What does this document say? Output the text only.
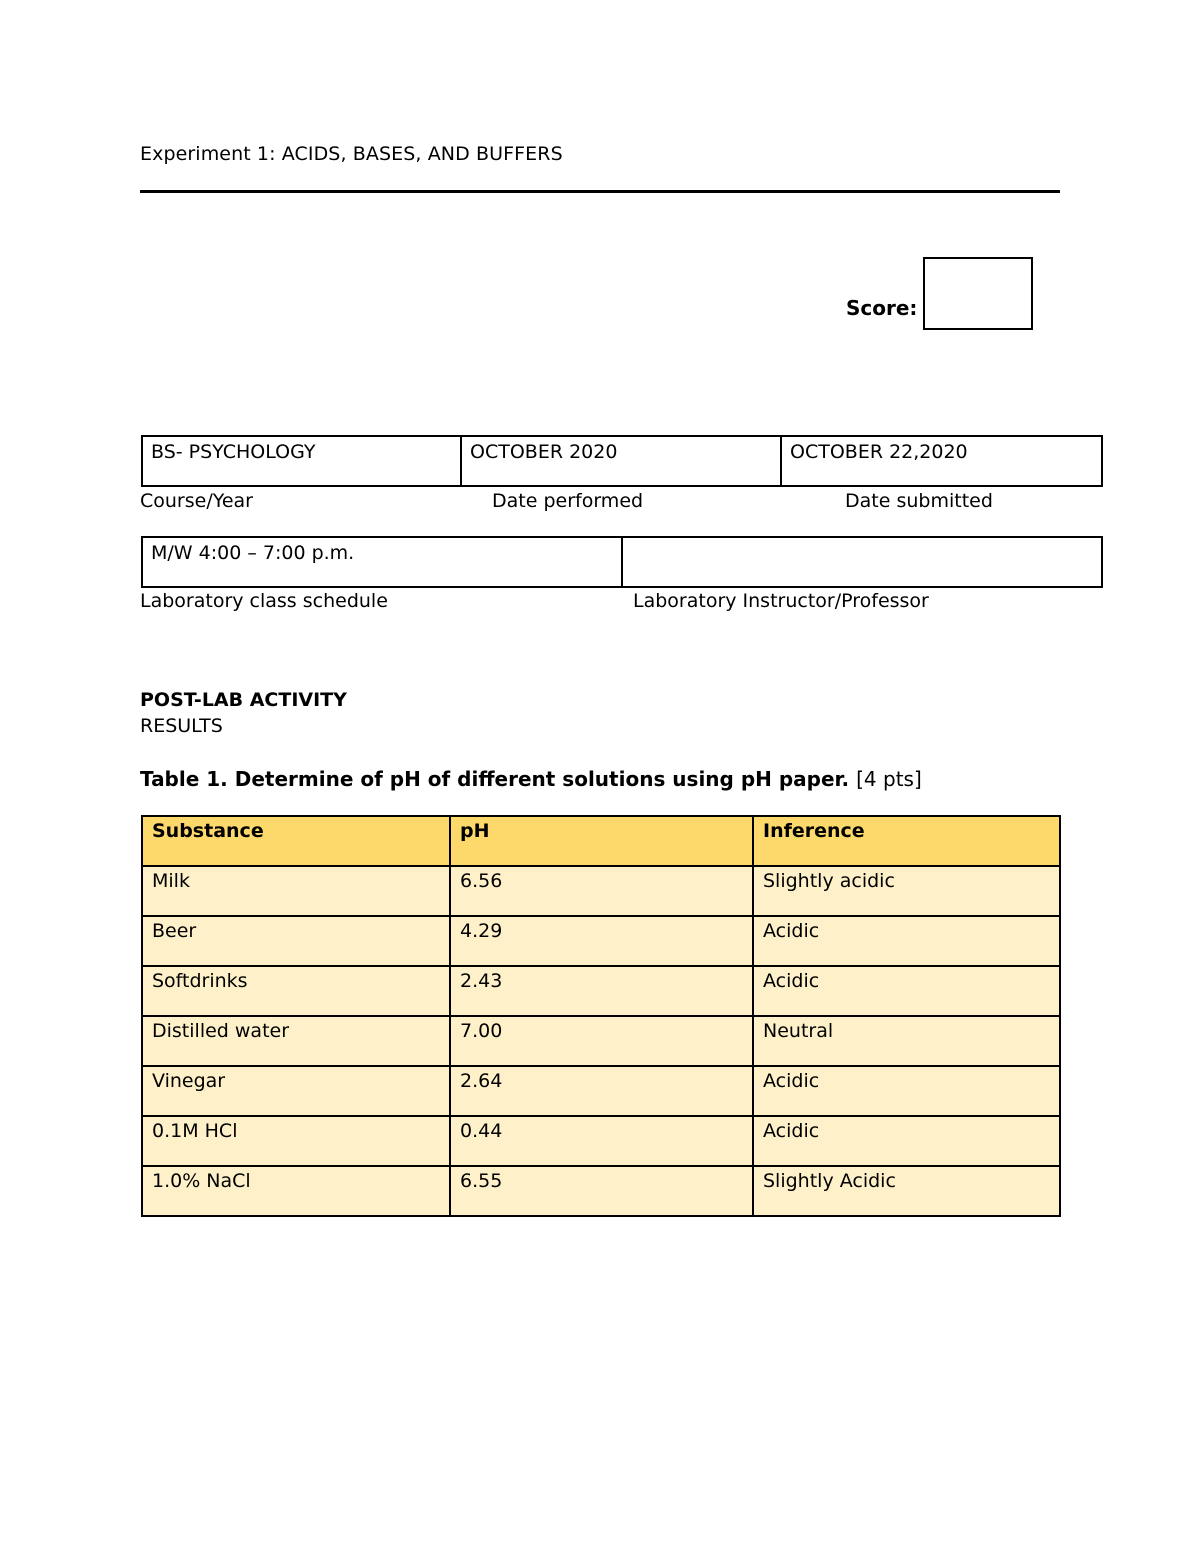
Experiment 1: ACIDS, BASES, AND BUFFERS
Score:
BS- PSYCHOLOGY	OCTOBER 2020	OCTOBER 22,2020
Course/Year	Date performed	Date submitted
M/W 4:00 – 7:00 p.m.
Laboratory class schedule	Laboratory Instructor/Professor
POST-LAB ACTIVITY
RESULTS
Table 1. Determine of pH of different solutions using pH paper. [4 pts]
Substance	pH	Inference
Milk	6.56	Slightly acidic
Beer	4.29	Acidic
Softdrinks	2.43	Acidic
Distilled water	7.00	Neutral
Vinegar	2.64	Acidic
0.1M HCl	0.44	Acidic
1.0% NaCl	6.55	Slightly Acidic
